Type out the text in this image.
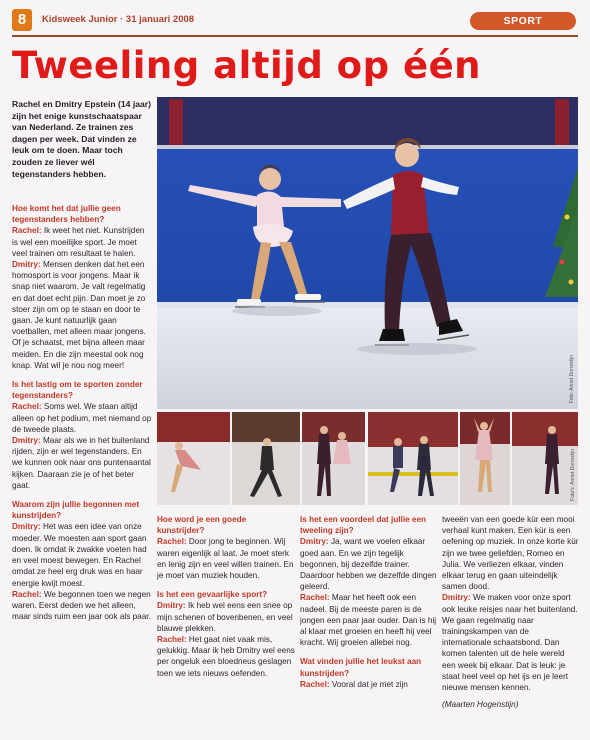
8	Kidsweek Junior · 31 januari 2008	SPORT
Tweeling altijd op één

Rachel en Dmitry Epstein (14 jaar) zijn het enige kunstschaatspaar van Nederland. Ze trainen zes dagen per week. Dat vinden ze leuk om te doen. Maar toch zouden ze liever wél tegenstanders hebben.

Foto: Annet Dorrestijn
Foto's: Annet Dorrestijn

Hoe komt het dat jullie geen tegenstanders hebben?
Rachel: Ik weet het niet. Kunstrijden is wel een moeilijke sport. Je moet veel trainen om resultaat te halen.
Dmitry: Mensen denken dat het een homosport is voor jongens. Maar ik snap niet waarom. Je valt regelmatig en dat doet echt pijn. Dan moet je zo stoer zijn om op te staan en door te gaan. Je kunt natuurlijk gaan voetballen, met alleen maar jongens. Of je schaatst, met bijna alleen maar meiden. En die zijn meestal ook nog knap. Wat wil je nou nog meer!

Is het lastig om te sporten zonder tegenstanders?
Rachel: Soms wel. We staan altijd alleen op het podium, met niemand op de tweede plaats.
Dmitry: Maar als we in het buitenland rijden, zijn er wel tegenstanders. En we kunnen ook naar ons puntenaantal kijken. Daaraan zie je of het beter gaat.

Waarom zijn jullie begonnen met kunstrijden?
Dmitry: Het was een idee van onze moeder. We moesten aan sport gaan doen. Ik omdat ik zwakke voeten had en veel moest bewegen. En Rachel omdat ze heel erg druk was en haar energie kwijt moest.
Rachel: We begonnen toen we negen waren. Eerst deden we het alleen, maar sinds ruim een jaar ook als paar.

Hoe word je een goede kunstrijder?
Rachel: Door jong te beginnen. Wij waren eigenlijk al laat. Je moet sterk en lenig zijn en veel willen trainen. En je moet van muziek houden.

Is het een gevaarlijke sport?
Dmitry: Ik heb wel eens een snee op mijn schenen of bovenbenen, en veel blauwe plekken.
Rachel: Het gaat niet vaak mis, gelukkig. Maar ik heb Dmitry wel eens per ongeluk een bloedneus geslagen toen we iets nieuws oefenden.

Is het een voordeel dat jullie een tweeling zijn?
Dmitry: Ja, want we voelen elkaar goed aan. En we zijn tegelijk begonnen, bij dezelfde trainer. Daardoor hebben we dezelfde dingen geleerd.
Rachel: Maar het heeft ook een nadeel. Bij de meeste paren is de jongen een paar jaar ouder. Dan is hij al klaar met groeien en heeft hij veel kracht. Wij groeien allebei nog.

Wat vinden jullie het leukst aan kunstrijden?
Rachel: Vooral dat je met zijn

tweeën van een goede kür een mooi verhaal kunt maken. Een kür is een oefening op muziek. In onze korte kür zijn we twee geliefden, Romeo en Julia. We verliezen elkaar, vinden elkaar terug en gaan uiteindelijk samen dood.
Dmitry: We maken voor onze sport ook leuke reisjes naar het buitenland. We gaan regelmatig naar trainingskampen van de internationale schaatsbond. Dan komen talenten uit de hele wereld een week bij elkaar. Dat is leuk: je staat heel veel op het ijs en je leert nieuwe mensen kennen.

(Maarten Hogenstijn)
